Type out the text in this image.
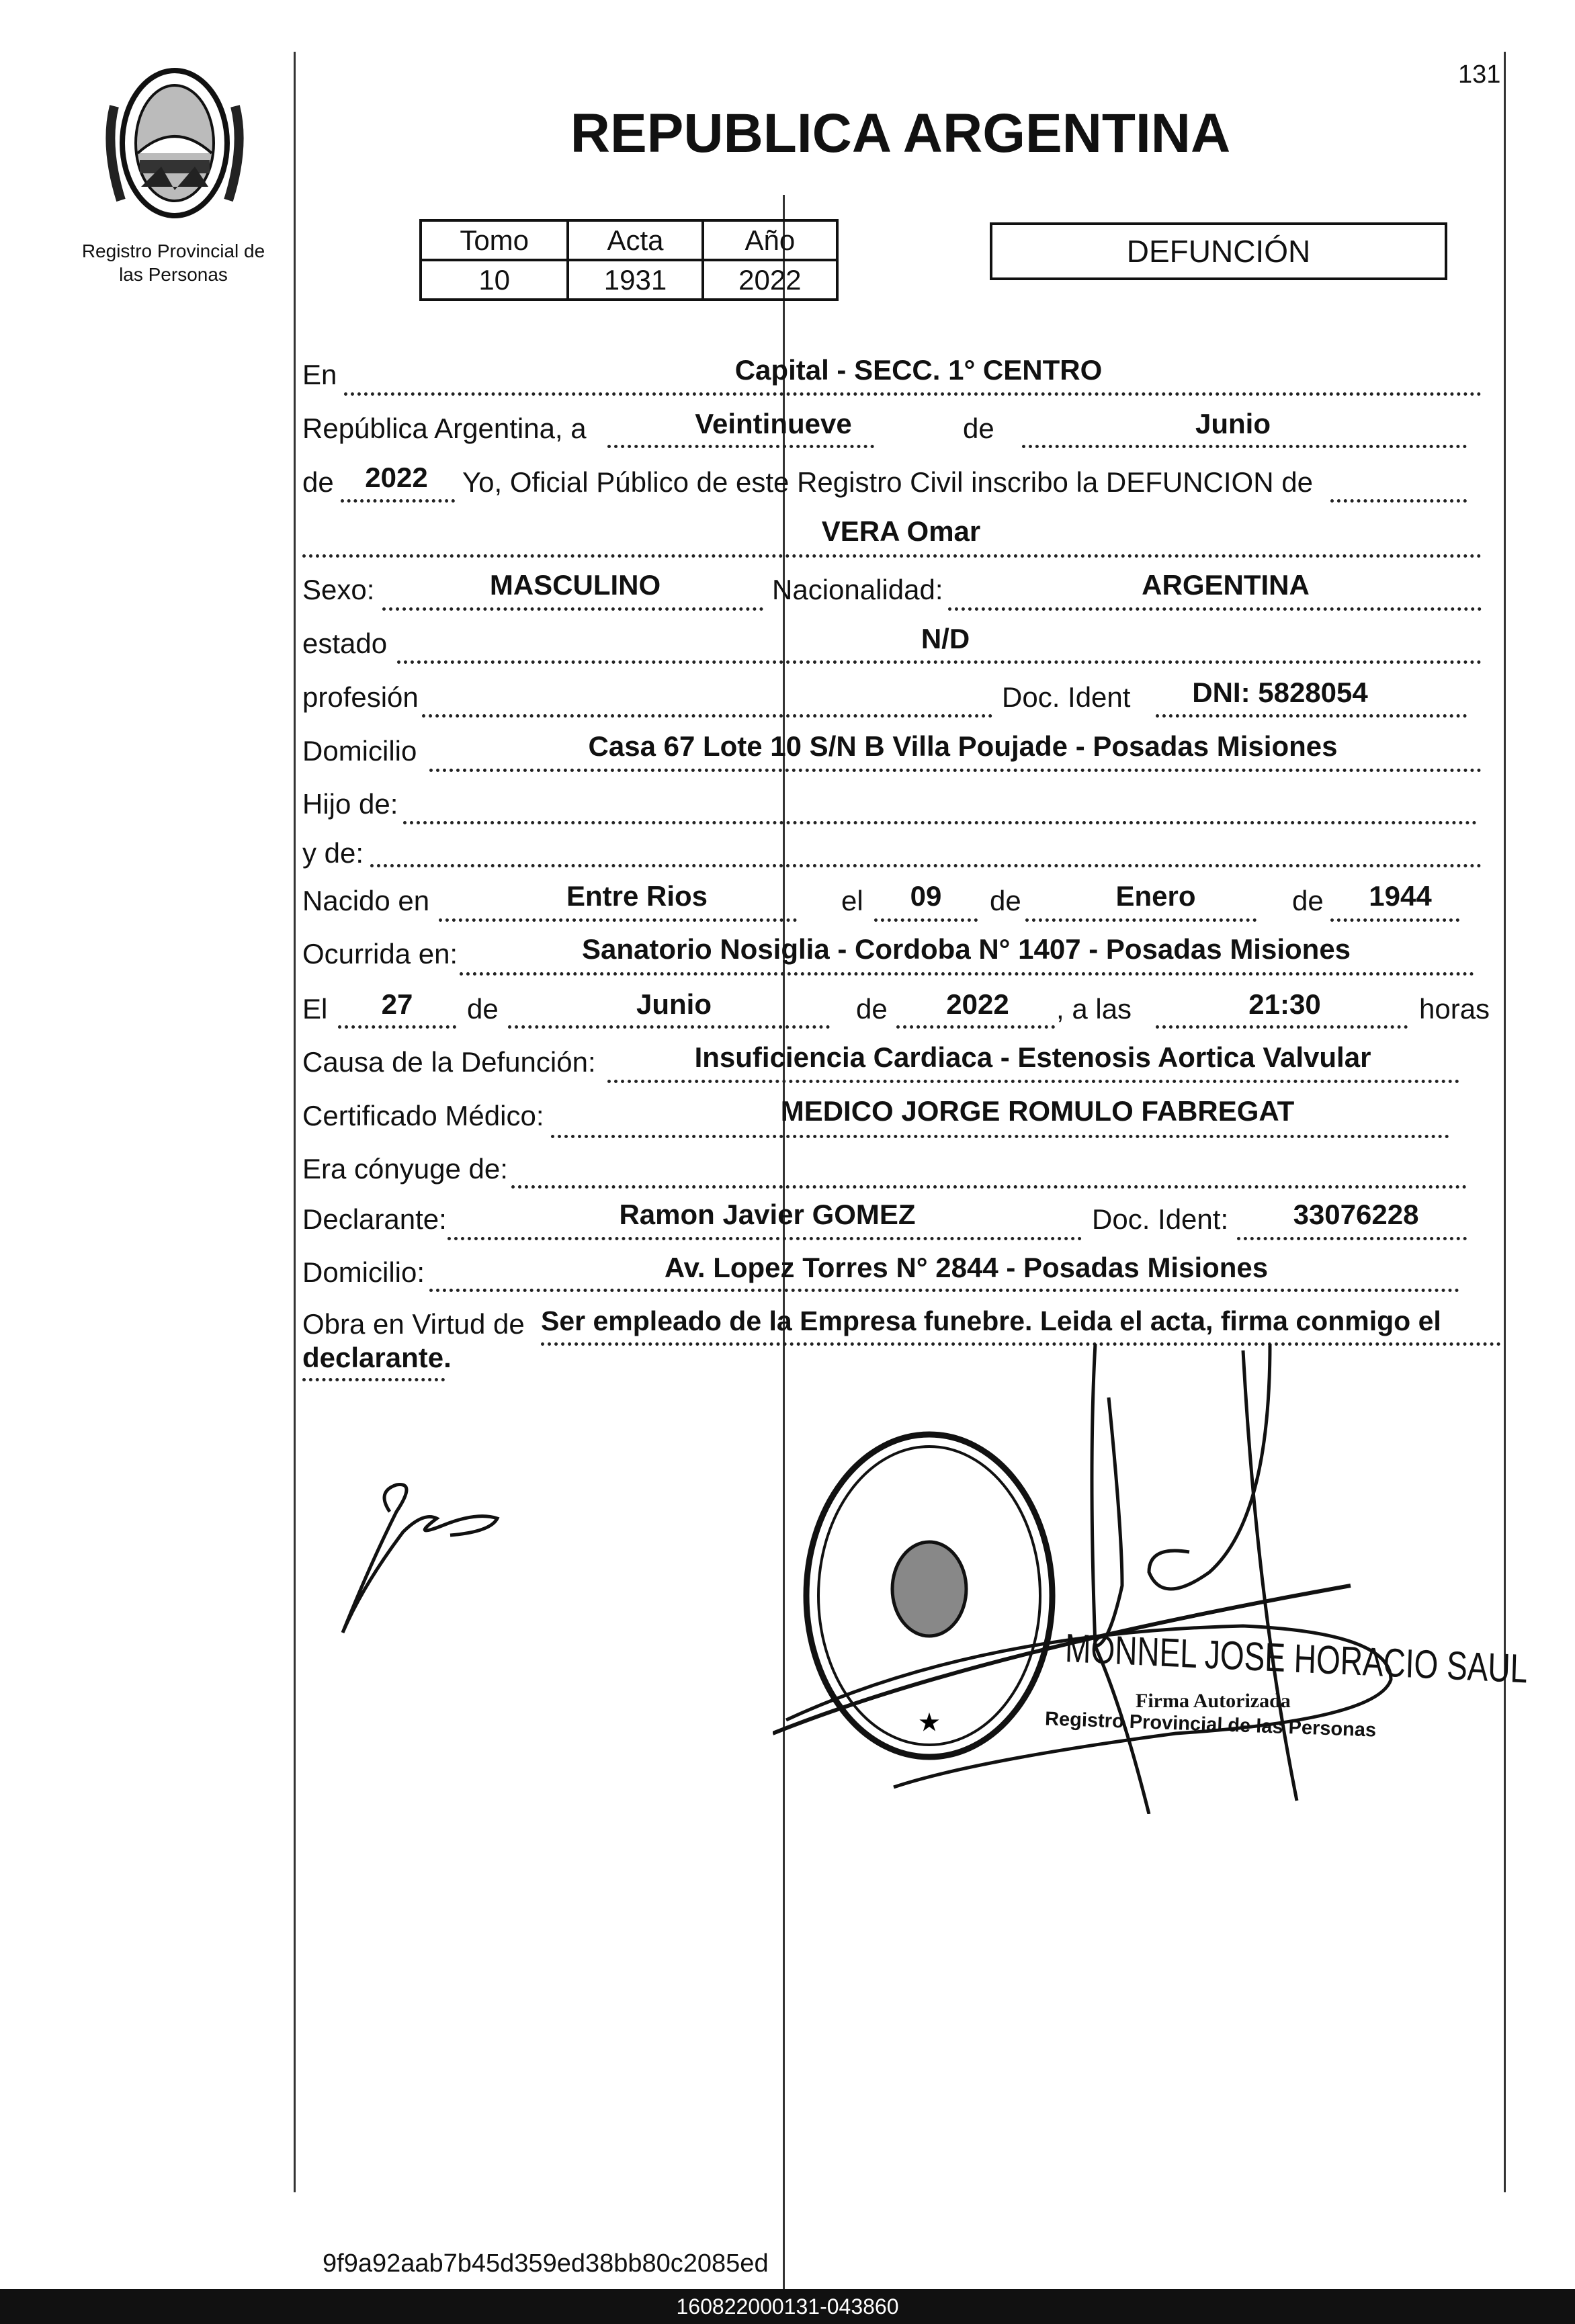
131
Registro Provincial de
las Personas
REPUBLICA ARGENTINA
Tomo	Acta	Año
10	1931	2022
DEFUNCIÓN
En	Capital - SECC. 1° CENTRO
República Argentina, a	Veintinueve	de	Junio
de 2022 Yo, Oficial Público de este Registro Civil inscribo la DEFUNCION de
VERA Omar
Sexo:	MASCULINO	Nacionalidad:	ARGENTINA
estado	N/D
profesión	Doc. Ident DNI: 5828054
Domicilio	Casa 67 Lote 10 S/N B Villa Poujade - Posadas Misiones
Hijo de:
y de:
Nacido en	Entre Rios	el 09 de	Enero	de 1944
Ocurrida en:	Sanatorio Nosiglia - Cordoba N° 1407 - Posadas Misiones
El 27 de	Junio	de 2022 , a las	21:30	horas
Causa de la Defunción:	Insuficiencia Cardiaca - Estenosis Aortica Valvular
Certificado Médico:	MEDICO JORGE ROMULO FABREGAT
Era cónyuge de:
Declarante:	Ramon Javier GOMEZ	Doc. Ident: 33076228
Domicilio:	Av. Lopez Torres N° 2844 - Posadas Misiones
Obra en Virtud de Ser empleado de la Empresa funebre. Leida el acta, firma conmigo el
declarante.
★
MONNEL JOSE HORACIO SAUL
Firma Autorizada
Registro Provincial de las Personas
9f9a92aab7b45d359ed38bb80c2085ed
160822000131-043860
